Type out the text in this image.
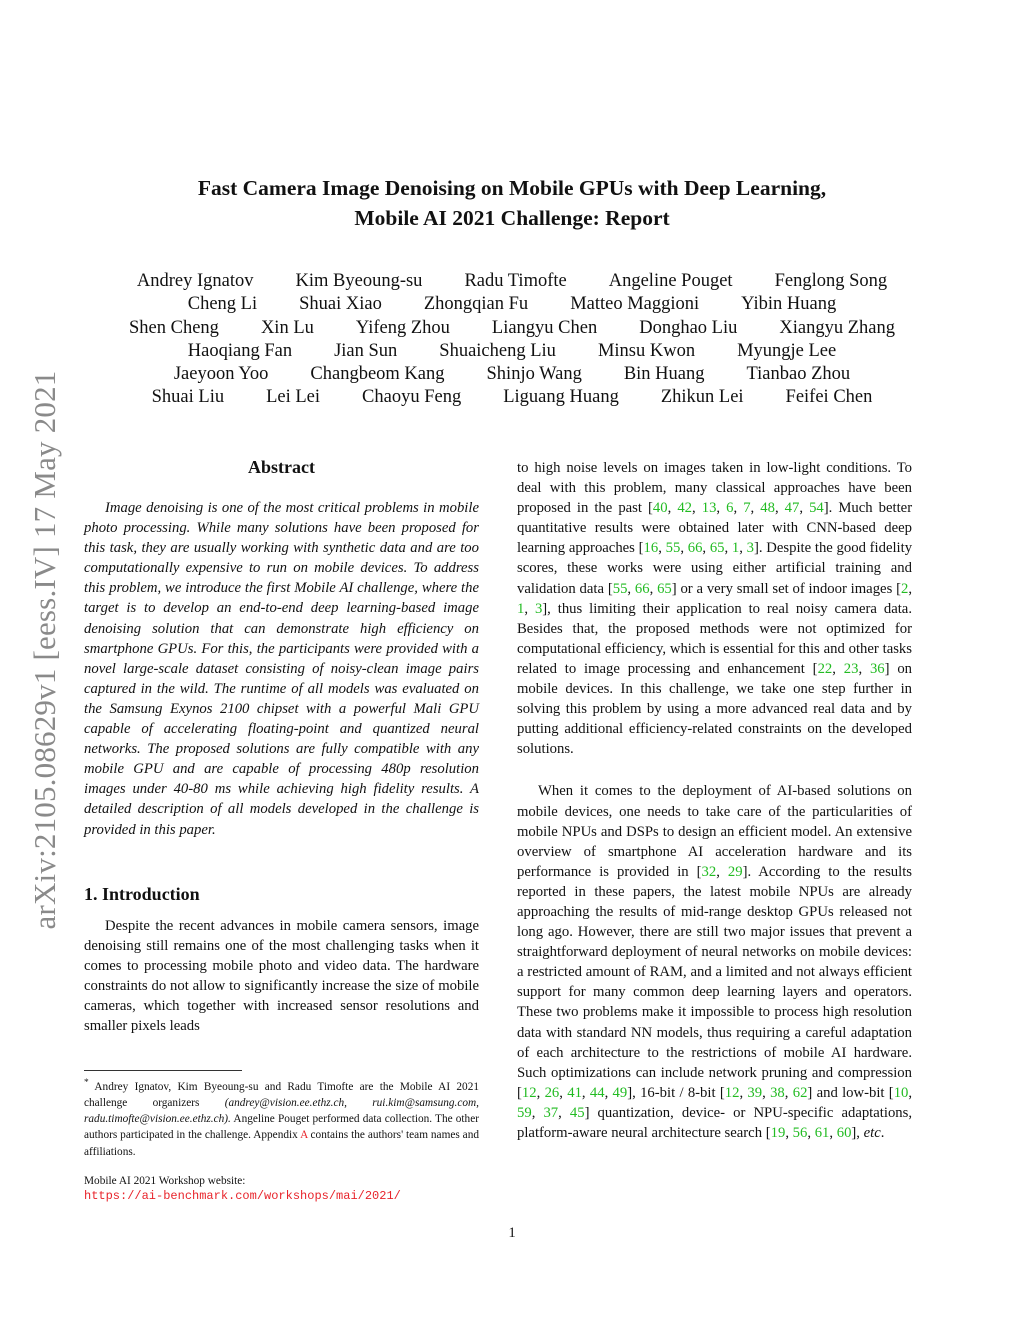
arXiv:2105.08629v1 [eess.IV] 17 May 2021
Fast Camera Image Denoising on Mobile GPUs with Deep Learning,
Mobile AI 2021 Challenge: Report
Andrey Ignatov Kim Byeoung-su Radu Timofte Angeline Pouget Fenglong Song
Cheng Li Shuai Xiao Zhongqian Fu Matteo Maggioni Yibin Huang
Shen Cheng Xin Lu Yifeng Zhou Liangyu Chen Donghao Liu Xiangyu Zhang
Haoqiang Fan Jian Sun Shuaicheng Liu Minsu Kwon Myungje Lee
Jaeyoon Yoo Changbeom Kang Shinjo Wang Bin Huang Tianbao Zhou
Shuai Liu Lei Lei Chaoyu Feng Liguang Huang Zhikun Lei Feifei Chen
Abstract

Image denoising is one of the most critical problems in mobile photo processing. While many solutions have been proposed for this task, they are usually working with synthetic data and are too computationally expensive to run on mobile devices. To address this problem, we introduce the first Mobile AI challenge, where the target is to develop an end-to-end deep learning-based image denoising solution that can demonstrate high efficiency on smartphone GPUs. For this, the participants were provided with a novel large-scale dataset consisting of noisy-clean image pairs captured in the wild. The runtime of all models was evaluated on the Samsung Exynos 2100 chipset with a powerful Mali GPU capable of accelerating floating-point and quantized neural networks. The proposed solutions are fully compatible with any mobile GPU and are capable of processing 480p resolution images under 40-80 ms while achieving high fidelity results. A detailed description of all models developed in the challenge is provided in this paper.

1. Introduction

Despite the recent advances in mobile camera sensors, image denoising still remains one of the most challenging tasks when it comes to processing mobile photo and video data. The hardware constraints do not allow to significantly increase the size of mobile cameras, which together with increased sensor resolutions and smaller pixels leads

* Andrey Ignatov, Kim Byeoung-su and Radu Timofte are the Mobile AI 2021 challenge organizers (andrey@vision.ee.ethz.ch, rui.kim@samsung.com, radu.timofte@vision.ee.ethz.ch). Angeline Pouget performed data collection. The other authors participated in the challenge. Appendix A contains the authors' team names and affiliations.
Mobile AI 2021 Workshop website:
https://ai-benchmark.com/workshops/mai/2021/

to high noise levels on images taken in low-light conditions. To deal with this problem, many classical approaches have been proposed in the past [40, 42, 13, 6, 7, 48, 47, 54]. Much better quantitative results were obtained later with CNN-based deep learning approaches [16, 55, 66, 65, 1, 3]. Despite the good fidelity scores, these works were using either artificial training and validation data [55, 66, 65] or a very small set of indoor images [2, 1, 3], thus limiting their application to real noisy camera data. Besides that, the proposed methods were not optimized for computational efficiency, which is essential for this and other tasks related to image processing and enhancement [22, 23, 36] on mobile devices. In this challenge, we take one step further in solving this problem by using a more advanced real data and by putting additional efficiency-related constraints on the developed solutions.

When it comes to the deployment of AI-based solutions on mobile devices, one needs to take care of the particularities of mobile NPUs and DSPs to design an efficient model. An extensive overview of smartphone AI acceleration hardware and its performance is provided in [32, 29]. According to the results reported in these papers, the latest mobile NPUs are already approaching the results of mid-range desktop GPUs released not long ago. However, there are still two major issues that prevent a straightforward deployment of neural networks on mobile devices: a restricted amount of RAM, and a limited and not always efficient support for many common deep learning layers and operators. These two problems make it impossible to process high resolution data with standard NN models, thus requiring a careful adaptation of each architecture to the restrictions of mobile AI hardware. Such optimizations can include network pruning and compression [12, 26, 41, 44, 49], 16-bit / 8-bit [12, 39, 38, 62] and low-bit [10, 59, 37, 45] quantization, device- or NPU-specific adaptations, platform-aware neural architecture search [19, 56, 61, 60], etc.

1
